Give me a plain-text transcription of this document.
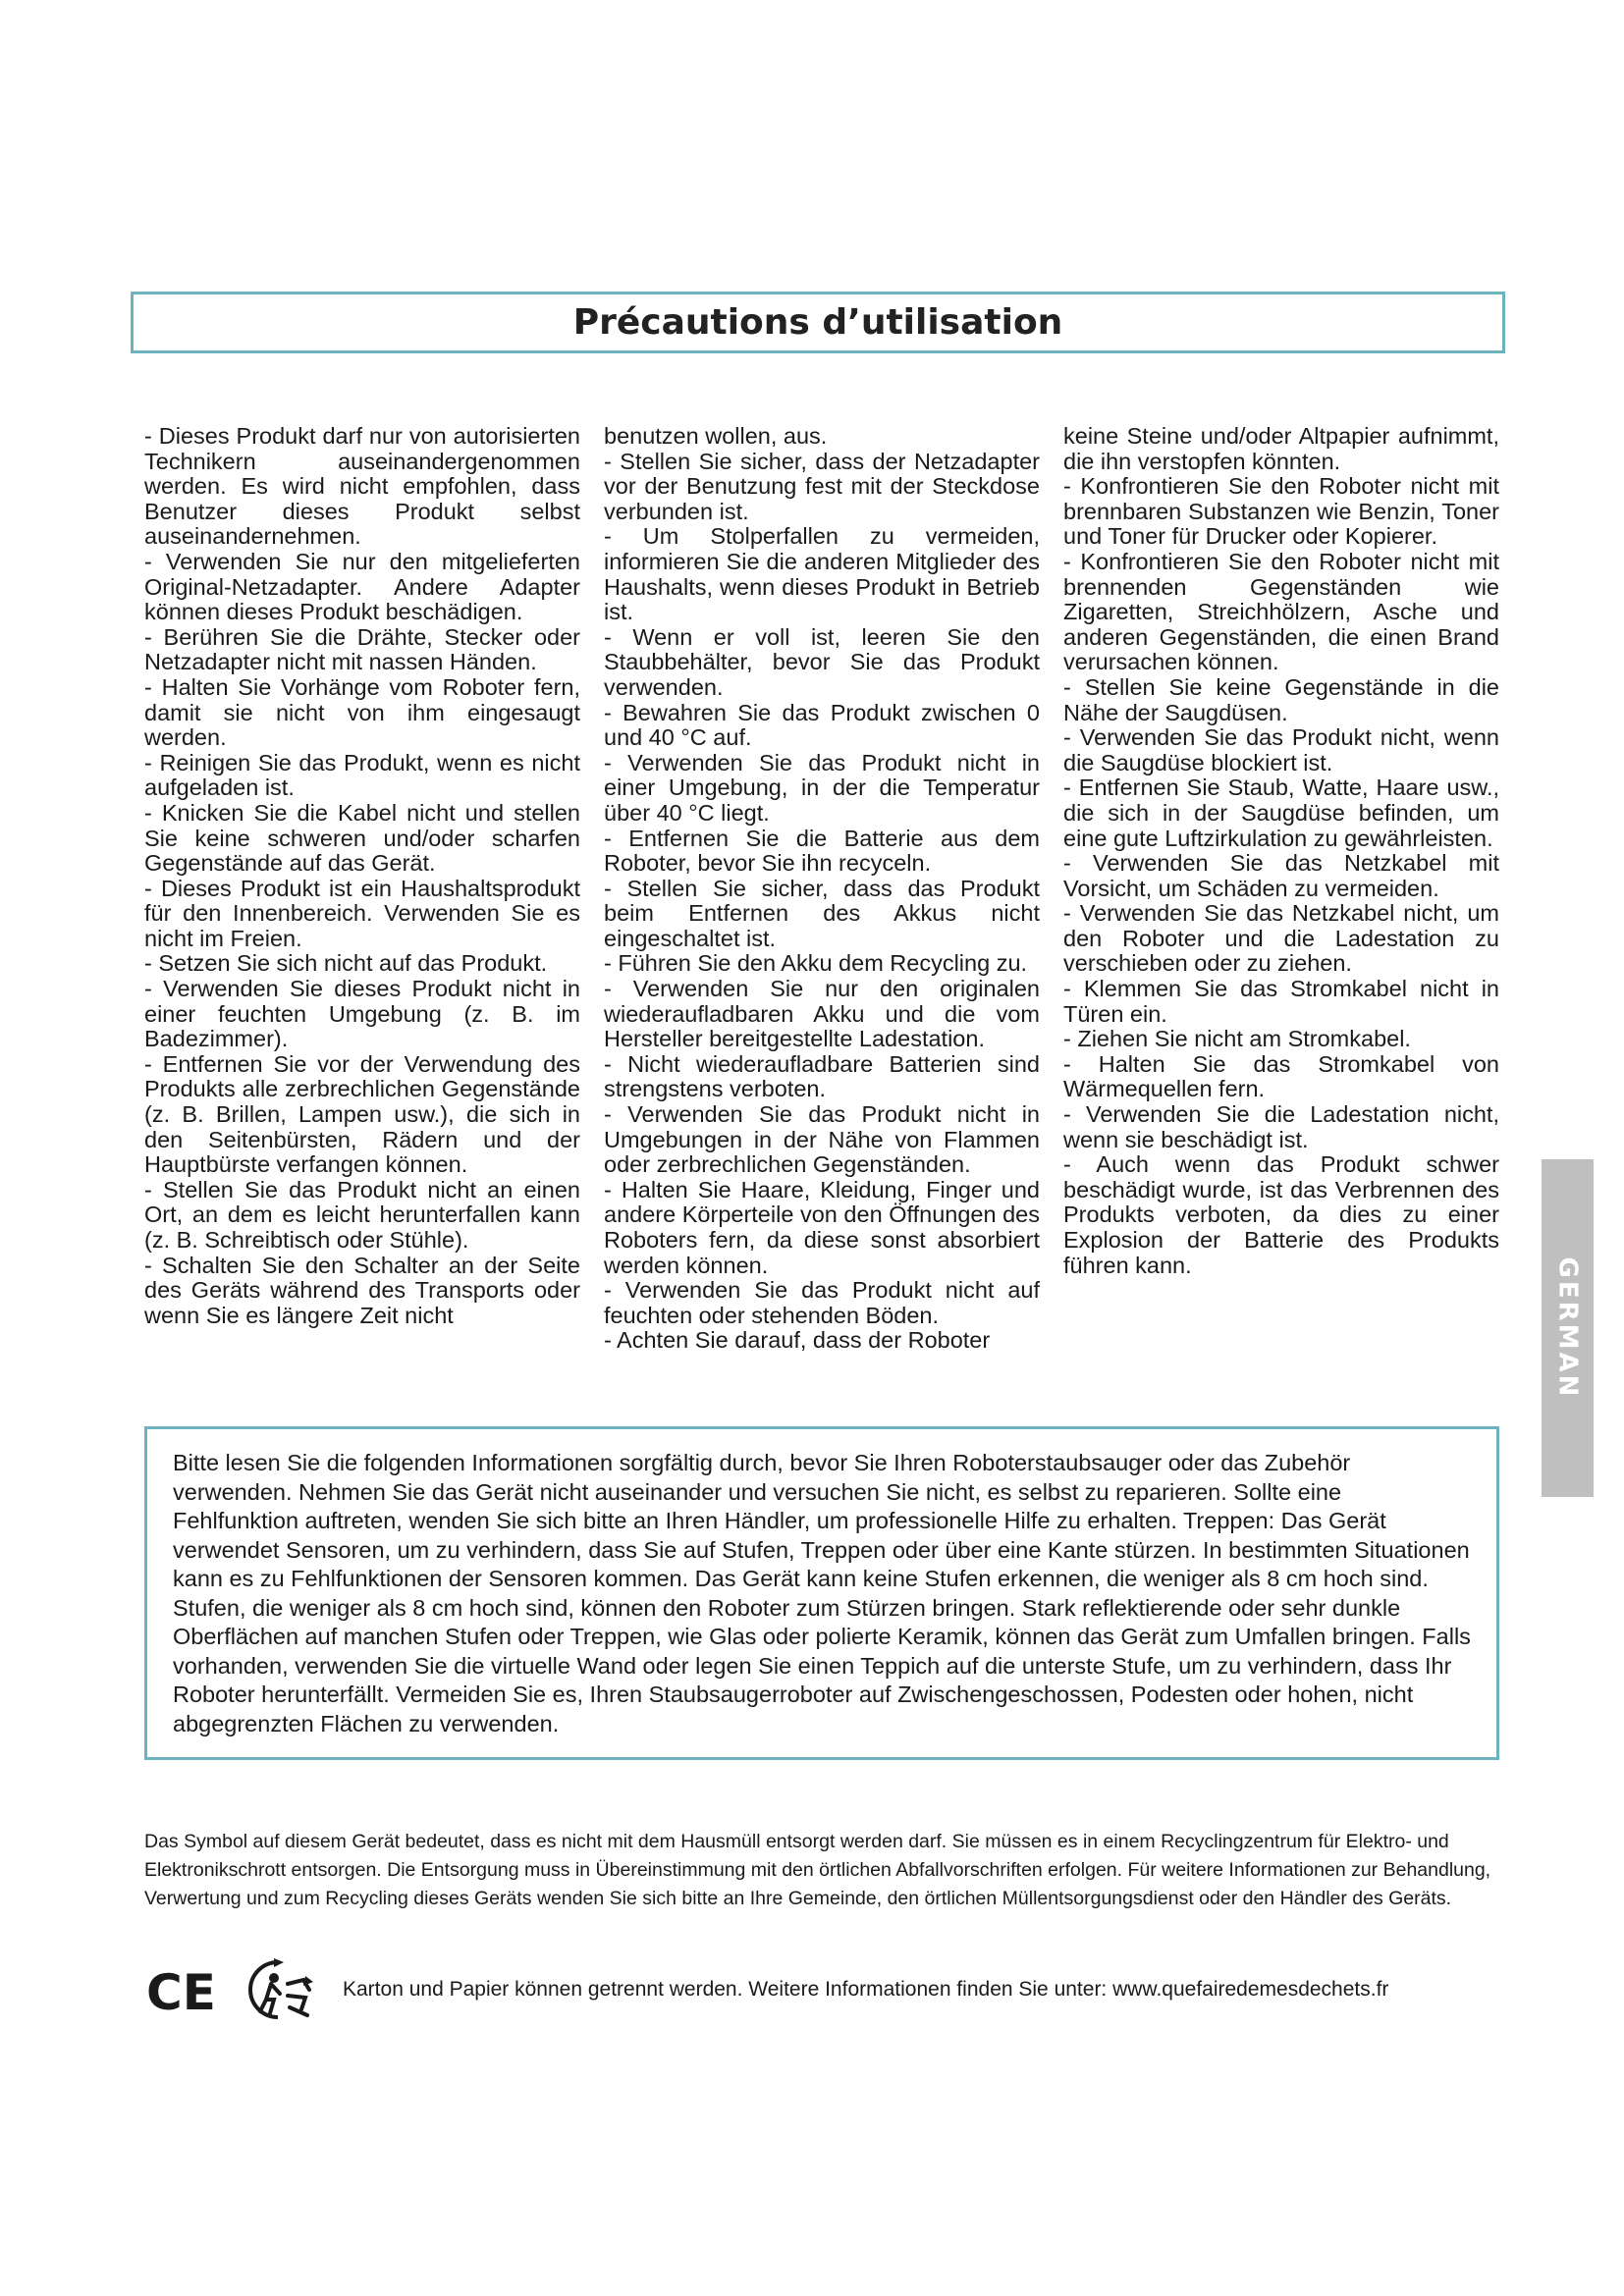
Précautions d’utilisation

- Dieses Produkt darf nur von autorisierten Technikern auseinandergenommen werden. Es wird nicht empfohlen, dass Benutzer dieses Produkt selbst auseinandernehmen.

- Verwenden Sie nur den mitgelieferten Original-Netzadapter. Andere Adapter können dieses Produkt beschädigen.

- Berühren Sie die Drähte, Stecker oder Netzadapter nicht mit nassen Händen.

- Halten Sie Vorhänge vom Roboter fern, damit sie nicht von ihm eingesaugt werden.

- Reinigen Sie das Produkt, wenn es nicht aufgeladen ist.

- Knicken Sie die Kabel nicht und stellen Sie keine schweren und/oder scharfen Gegenstände auf das Gerät.

- Dieses Produkt ist ein Haushaltsprodukt für den Innenbereich. Verwenden Sie es nicht im Freien.

- Setzen Sie sich nicht auf das Produkt.

- Verwenden Sie dieses Produkt nicht in einer feuchten Umgebung (z. B. im Badezimmer).

- Entfernen Sie vor der Verwendung des Produkts alle zerbrechlichen Gegenstände (z. B. Brillen, Lampen usw.), die sich in den Seitenbürsten, Rädern und der Hauptbürste verfangen können.

- Stellen Sie das Produkt nicht an einen Ort, an dem es leicht herunterfallen kann (z. B. Schreibtisch oder Stühle).

- Schalten Sie den Schalter an der Seite des Geräts während des Transports oder wenn Sie es längere Zeit nicht

benutzen wollen, aus.

- Stellen Sie sicher, dass der Netzadapter vor der Benutzung fest mit der Steckdose verbunden ist.

- Um Stolperfallen zu vermeiden, informieren Sie die anderen Mitglieder des Haushalts, wenn dieses Produkt in Betrieb ist.

- Wenn er voll ist, leeren Sie den Staubbehälter, bevor Sie das Produkt verwenden.

- Bewahren Sie das Produkt zwischen 0 und 40 °C auf.

- Verwenden Sie das Produkt nicht in einer Umgebung, in der die Temperatur über 40 °C liegt.

- Entfernen Sie die Batterie aus dem Roboter, bevor Sie ihn recyceln.

- Stellen Sie sicher, dass das Produkt beim Entfernen des Akkus nicht eingeschaltet ist.

- Führen Sie den Akku dem Recycling zu.

- Verwenden Sie nur den originalen wiederaufladbaren Akku und die vom Hersteller bereitgestellte Ladestation.

- Nicht wiederaufladbare Batterien sind strengstens verboten.

- Verwenden Sie das Produkt nicht in Umgebungen in der Nähe von Flammen oder zerbrechlichen Gegenständen.

- Halten Sie Haare, Kleidung, Finger und andere Körperteile von den Öffnungen des Roboters fern, da diese sonst absorbiert werden können.

- Verwenden Sie das Produkt nicht auf feuchten oder stehenden Böden.

- Achten Sie darauf, dass der Roboter

keine Steine und/oder Altpapier aufnimmt, die ihn verstopfen könnten.

- Konfrontieren Sie den Roboter nicht mit brennbaren Substanzen wie Benzin, Toner und Toner für Drucker oder Kopierer.

- Konfrontieren Sie den Roboter nicht mit brennenden Gegenständen wie Zigaretten, Streichhölzern, Asche und anderen Gegenständen, die einen Brand verursachen können.

- Stellen Sie keine Gegenstände in die Nähe der Saugdüsen.

- Verwenden Sie das Produkt nicht, wenn die Saugdüse blockiert ist.

- Entfernen Sie Staub, Watte, Haare usw., die sich in der Saugdüse befinden, um eine gute Luftzirkulation zu gewährleisten.

- Verwenden Sie das Netzkabel mit Vorsicht, um Schäden zu vermeiden.

- Verwenden Sie das Netzkabel nicht, um den Roboter und die Ladestation zu verschieben oder zu ziehen.

- Klemmen Sie das Stromkabel nicht in Türen ein.

- Ziehen Sie nicht am Stromkabel.

- Halten Sie das Stromkabel von Wärmequellen fern.

- Verwenden Sie die Ladestation nicht, wenn sie beschädigt ist.

- Auch wenn das Produkt schwer beschädigt wurde, ist das Verbrennen des Produkts verboten, da dies zu einer Explosion der Batterie des Produkts führen kann.	GERMAN

Bitte lesen Sie die folgenden Informationen sorgfältig durch, bevor Sie Ihren Roboterstaubsauger oder das Zubehör verwenden. Nehmen Sie das Gerät nicht auseinander und versuchen Sie nicht, es selbst zu reparieren. Sollte eine Fehlfunktion auftreten, wenden Sie sich bitte an Ihren Händler, um professionelle Hilfe zu erhalten. Treppen: Das Gerät verwendet Sensoren, um zu verhindern, dass Sie auf Stufen, Treppen oder über eine Kante stürzen. In bestimmten Situationen kann es zu Fehlfunktionen der Sensoren kommen. Das Gerät kann keine Stufen erkennen, die weniger als 8 cm hoch sind. Stufen, die weniger als 8 cm hoch sind, können den Roboter zum Stürzen bringen. Stark reflektierende oder sehr dunkle Oberflächen auf manchen Stufen oder Treppen, wie Glas oder polierte Keramik, können das Gerät zum Umfallen bringen. Falls vorhanden, verwenden Sie die virtuelle Wand oder legen Sie einen Teppich auf die unterste Stufe, um zu verhindern, dass Ihr Roboter herunterfällt. Vermeiden Sie es, Ihren Staubsaugerroboter auf Zwischengeschossen, Podesten oder hohen, nicht abgegrenzten Flächen zu verwenden.

Das Symbol auf diesem Gerät bedeutet, dass es nicht mit dem Hausmüll entsorgt werden darf. Sie müssen es in einem Recyclingzentrum für Elektro- und Elektronikschrott entsorgen. Die Entsorgung muss in Übereinstimmung mit den örtlichen Abfallvorschriften erfolgen. Für weitere Informationen zur Behandlung, Verwertung und zum Recycling dieses Geräts wenden Sie sich bitte an Ihre Gemeinde, den örtlichen Müllentsorgungsdienst oder den Händler des Geräts.

CE	Karton und Papier können getrennt werden. Weitere Informationen finden Sie unter: www.quefairedemesdechets.fr
